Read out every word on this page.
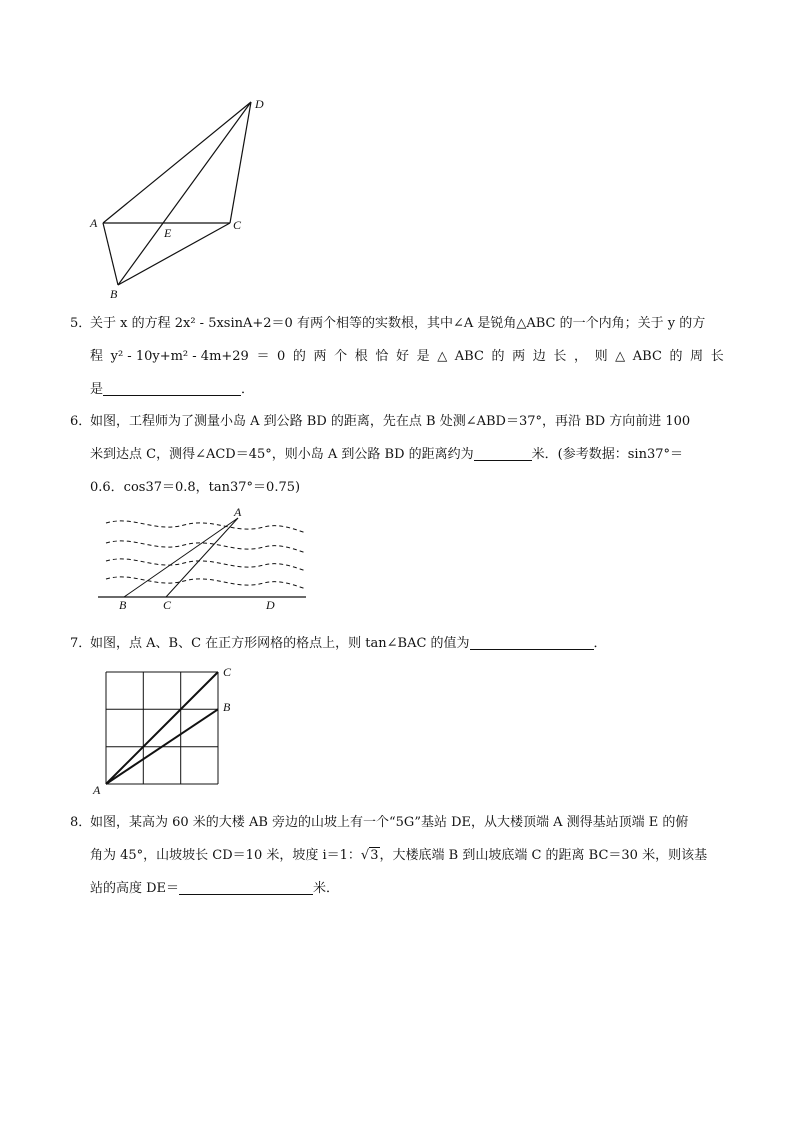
D
A	C
E
B
5．关于 x 的方程 2x² - 5xsinA+2＝0 有两个相等的实数根，其中∠A 是锐角△ABC 的一个内角；关于 y 的方
程 y² - 10y+m² - 4m+29 ＝ 0 的 两 个 根 恰 好 是 △ ABC 的 两 边 长 ， 则 △ ABC 的 周 长
是	．
6．如图，工程师为了测量小岛 A 到公路 BD 的距离，先在点 B 处测∠ABD＝37°，再沿 BD 方向前进 100
米到达点 C，测得∠ACD＝45°，则小岛 A 到公路 BD 的距离约为	米．(参考数据：sin37°＝
0.6．cos37＝0.8，tan37°＝0.75)
A
B	C	D
7．如图，点 A、B、C 在正方形网格的格点上，则 tan∠BAC 的值为	．
C
B
A
8．如图，某高为 60 米的大楼 AB 旁边的山坡上有一个“5G”基站 DE，从大楼顶端 A 测得基站顶端 E 的俯
角为 45°，山坡坡长 CD＝10 米，坡度 i＝1：√3，大楼底端 B 到山坡底端 C 的距离 BC＝30 米，则该基
站的高度 DE＝	米．
